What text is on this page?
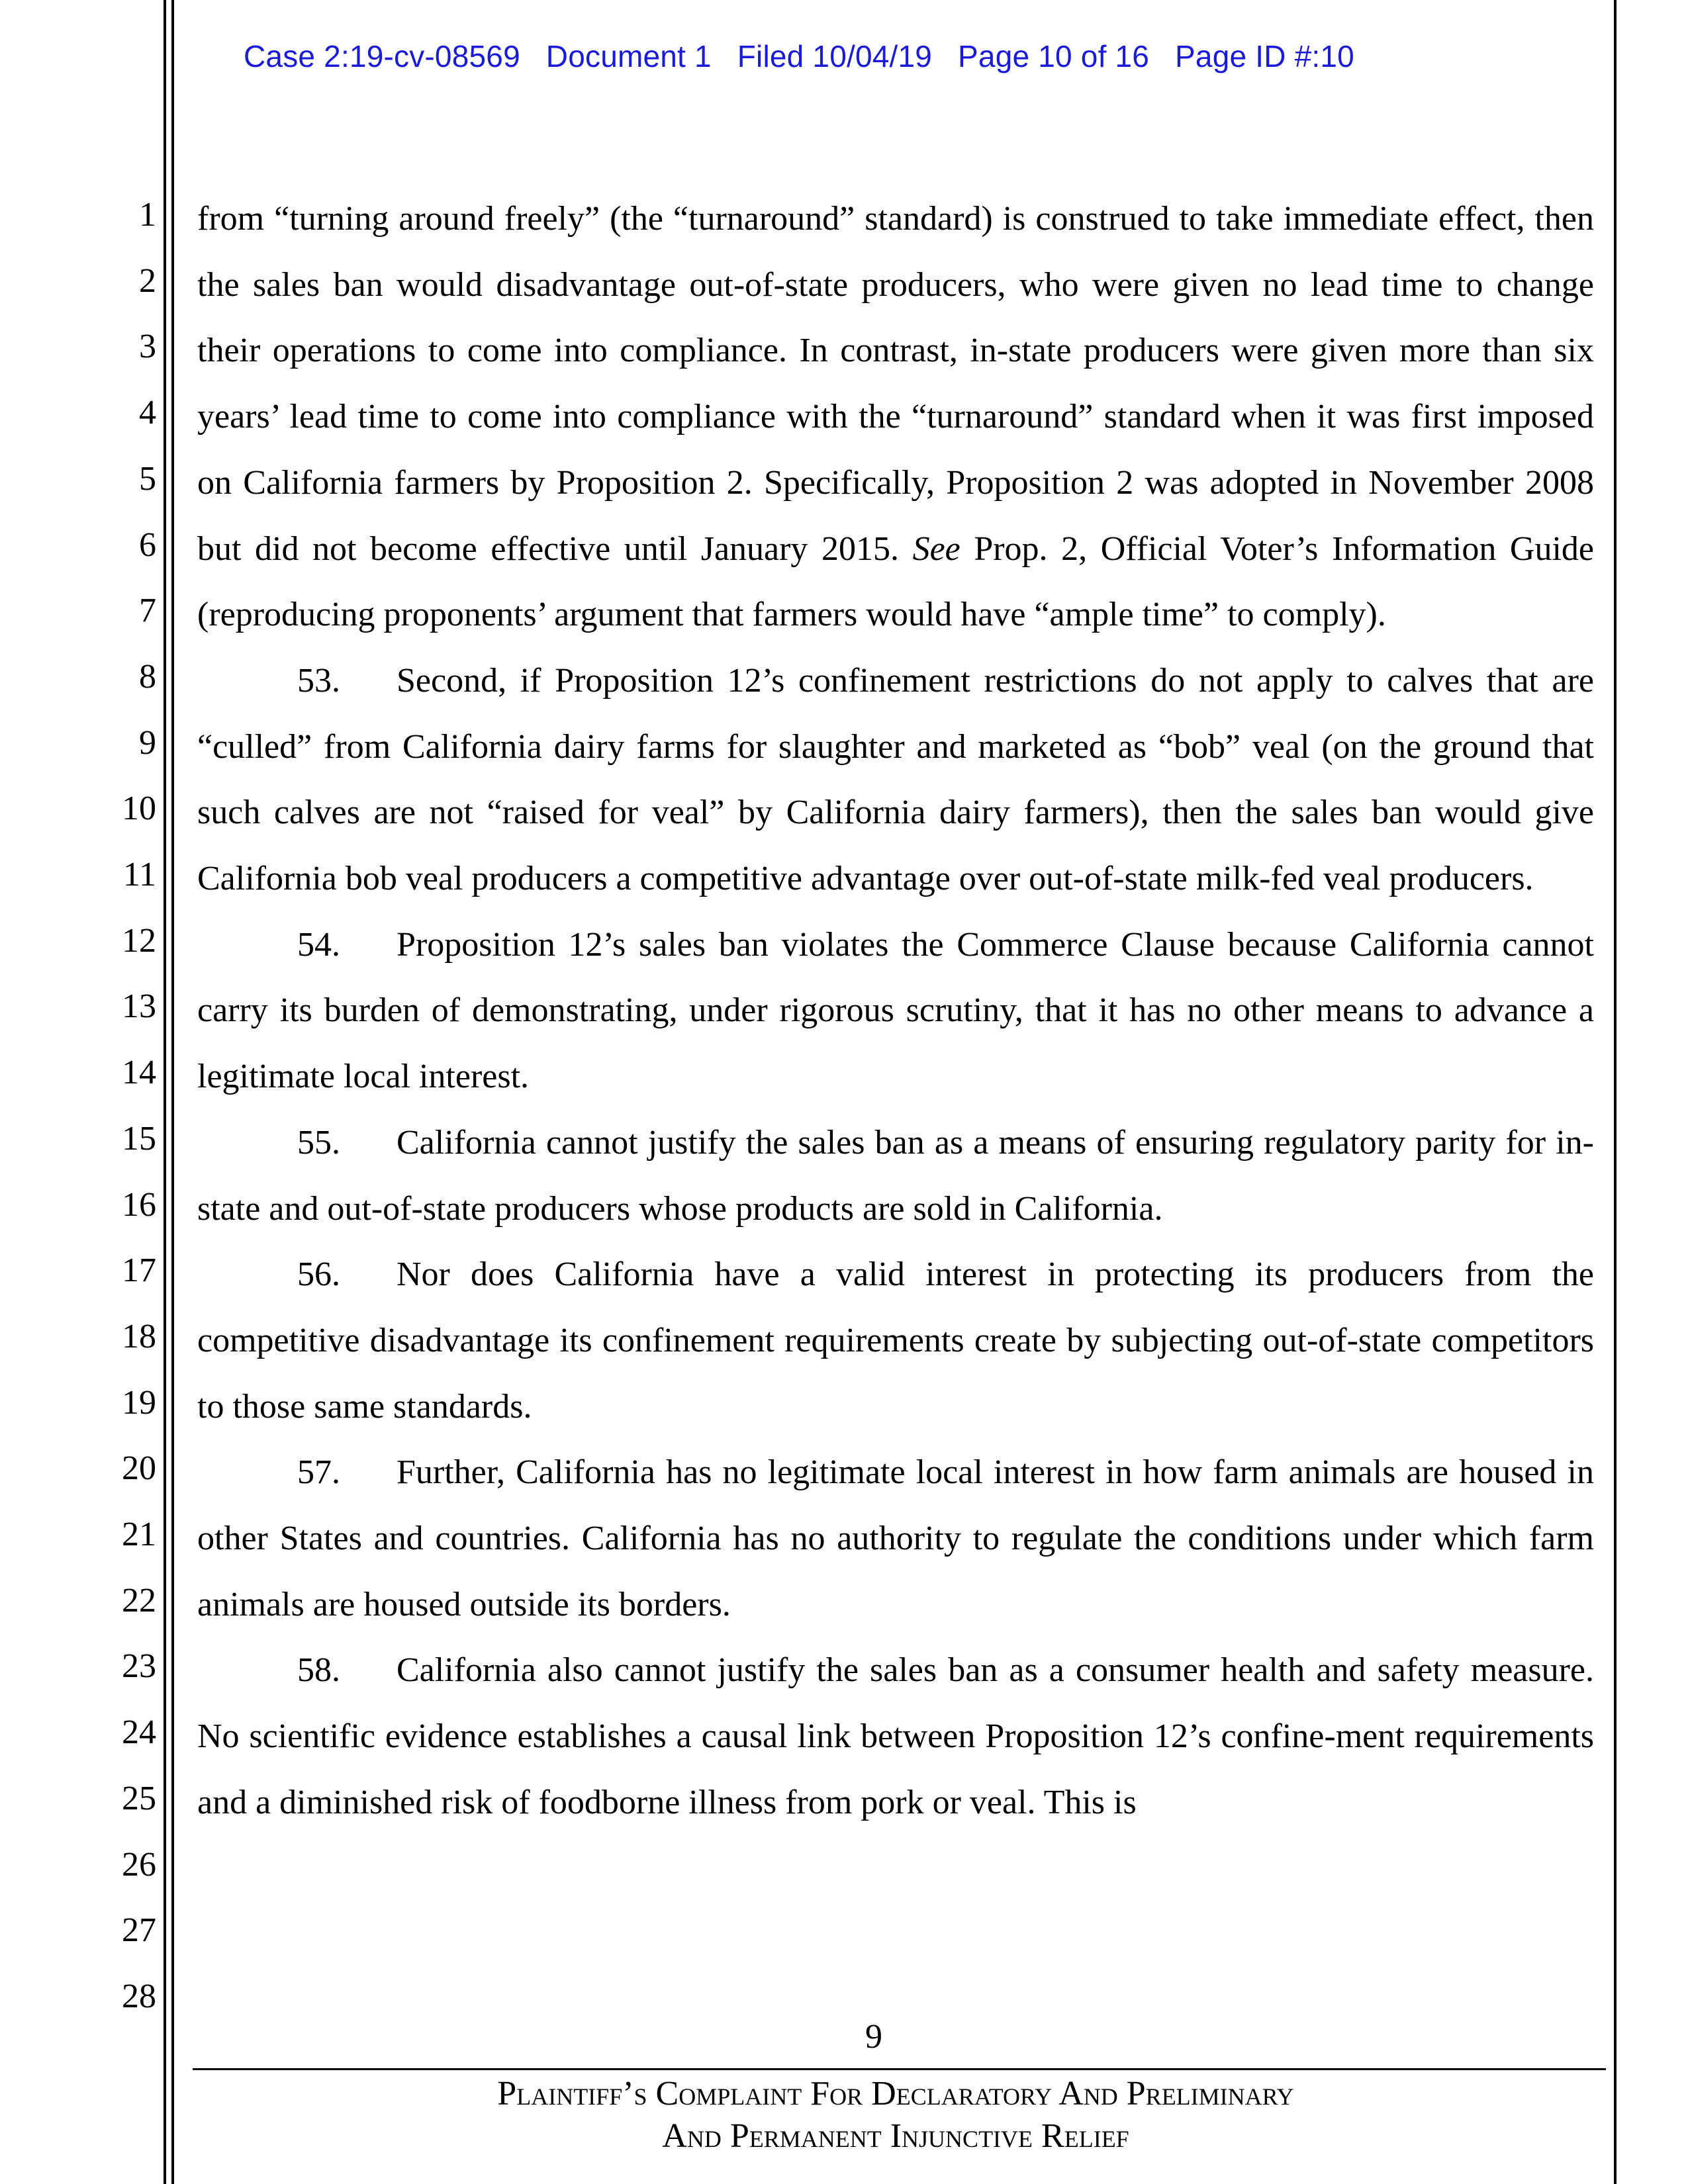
Case 2:19-cv-08569   Document 1   Filed 10/04/19   Page 10 of 16   Page ID #:10
1
2
3
4
5
6
7
8
9
10
11
12
13
14
15
16
17
18
19
20
21
22
23
24
25
26
27
28

from “turning around freely” (the “turnaround” standard) is construed to take immediate effect, then the sales ban would disadvantage out-of-state producers, who were given no lead time to change their operations to come into compliance. In contrast, in-state producers were given more than six years’ lead time to come into compliance with the “turnaround” standard when it was first imposed on California farmers by Proposition 2. Specifically, Proposition 2 was adopted in November 2008 but did not become effective until January 2015. See Prop. 2, Official Voter’s Information Guide (reproducing proponents’ argument that farmers would have “ample time” to comply).

53. Second, if Proposition 12’s confinement restrictions do not apply to calves that are “culled” from California dairy farms for slaughter and marketed as “bob” veal (on the ground that such calves are not “raised for veal” by California dairy farmers), then the sales ban would give California bob veal producers a competitive advantage over out-of-state milk-fed veal producers.

54. Proposition 12’s sales ban violates the Commerce Clause because California cannot carry its burden of demonstrating, under rigorous scrutiny, that it has no other means to advance a legitimate local interest.

55. California cannot justify the sales ban as a means of ensuring regulatory parity for in-state and out-of-state producers whose products are sold in California.

56. Nor does California have a valid interest in protecting its producers from the competitive disadvantage its confinement requirements create by subjecting out-of-state competitors to those same standards.

57. Further, California has no legitimate local interest in how farm animals are housed in other States and countries. California has no authority to regulate the conditions under which farm animals are housed outside its borders.

58. California also cannot justify the sales ban as a consumer health and safety measure. No scientific evidence establishes a causal link between Proposition 12’s confine-ment requirements and a diminished risk of foodborne illness from pork or veal. This is

9
Plaintiff’s Complaint For Declaratory And Preliminary
And Permanent Injunctive Relief
